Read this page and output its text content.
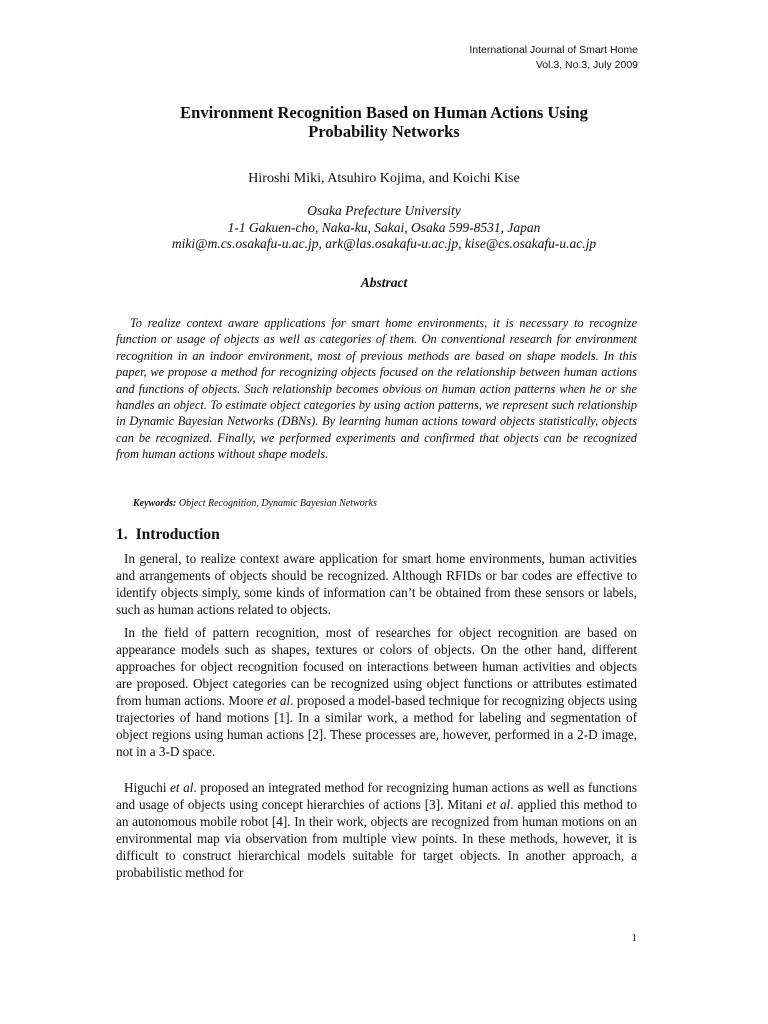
International Journal of Smart Home
Vol.3, No.3, July 2009
Environment Recognition Based on Human Actions Using
Probability Networks
Hiroshi Miki, Atsuhiro Kojima, and Koichi Kise
Osaka Prefecture University
1-1 Gakuen-cho, Naka-ku, Sakai, Osaka 599-8531, Japan
miki@m.cs.osakafu-u.ac.jp, ark@las.osakafu-u.ac.jp, kise@cs.osakafu-u.ac.jp
Abstract
To realize context aware applications for smart home environments, it is necessary to recognize function or usage of objects as well as categories of them. On conventional research for environment recognition in an indoor environment, most of previous methods are based on shape models. In this paper, we propose a method for recognizing objects focused on the relationship between human actions and functions of objects. Such relationship becomes obvious on human action patterns when he or she handles an object. To estimate object categories by using action patterns, we represent such relationship in Dynamic Bayesian Networks (DBNs). By learning human actions toward objects statistically, objects can be recognized. Finally, we performed experiments and confirmed that objects can be recognized from human actions without shape models.
Keywords: Object Recognition, Dynamic Bayesian Networks
1. Introduction
In general, to realize context aware application for smart home environments, human activities and arrangements of objects should be recognized. Although RFIDs or bar codes are effective to identify objects simply, some kinds of information can’t be obtained from these sensors or labels, such as human actions related to objects.
In the field of pattern recognition, most of researches for object recognition are based on appearance models such as shapes, textures or colors of objects. On the other hand, different approaches for object recognition focused on interactions between human activities and objects are proposed. Object categories can be recognized using object functions or attributes estimated from human actions. Moore et al. proposed a model-based technique for recognizing objects using trajectories of hand motions [1]. In a similar work, a method for labeling and segmentation of object regions using human actions [2]. These processes are, however, performed in a 2-D image, not in a 3-D space.
Higuchi et al. proposed an integrated method for recognizing human actions as well as functions and usage of objects using concept hierarchies of actions [3]. Mitani et al. applied this method to an autonomous mobile robot [4]. In their work, objects are recognized from human motions on an environmental map via observation from multiple view points. In these methods, however, it is difficult to construct hierarchical models suitable for target objects. In another approach, a probabilistic method for
1
